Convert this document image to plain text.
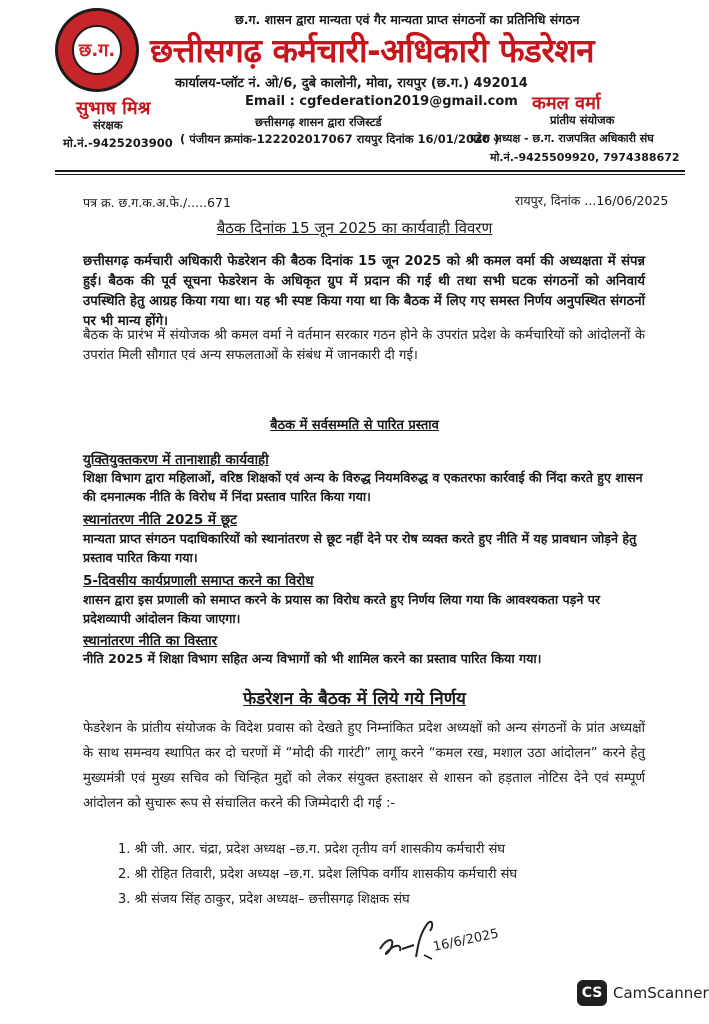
छ.ग.
छ.ग. शासन द्वारा मान्यता एवं गैर मान्यता प्राप्त संगठनों का प्रतिनिधि संगठन
छत्तीसगढ़ कर्मचारी-अधिकारी फेडरेशन
कार्यालय-प्लॉट नं. ओ/6, दुबे कालोनी, मोवा, रायपुर (छ.ग.) 492014
Email : cgfederation2019@gmail.com
छत्तीसगढ़ शासन द्वारा रजिस्टर्ड
( पंजीयन क्रमांक-122202017067 रायपुर दिनांक 16/01/2020 )
सुभाष मिश्र
संरक्षक
मो.नं.-9425203900
कमल वर्मा
प्रांतीय संयोजक
प्रदेश अध्यक्ष - छ.ग. राजपत्रित अधिकारी संघ
मो.नं.-9425509920, 7974388672
पत्र क्र. छ.ग.क.अ.फे./.....671	रायपुर, दिनांक ...16/06/2025
बैठक दिनांक 15 जून 2025 का कार्यवाही विवरण
छत्तीसगढ़ कर्मचारी अधिकारी फेडरेशन की बैठक दिनांक 15 जून 2025 को श्री कमल वर्मा की अध्यक्षता में संपन्न हुई। बैठक की पूर्व सूचना फेडरेशन के अधिकृत ग्रुप में प्रदान की गई थी तथा सभी घटक संगठनों को अनिवार्य उपस्थिति हेतु आग्रह किया गया था। यह भी स्पष्ट किया गया था कि बैठक में लिए गए समस्त निर्णय अनुपस्थित संगठनों पर भी मान्य होंगे।
बैठक के प्रारंभ में संयोजक श्री कमल वर्मा ने वर्तमान सरकार गठन होने के उपरांत प्रदेश के कर्मचारियों को आंदोलनों के उपरांत मिली सौगात एवं अन्य सफलताओं के संबंध में जानकारी दी गई।
बैठक में सर्वसम्मति से पारित प्रस्ताव
युक्तियुक्तकरण में तानाशाही कार्यवाही
शिक्षा विभाग द्वारा महिलाओं, वरिष्ठ शिक्षकों एवं अन्य के विरुद्ध नियमविरुद्ध व एकतरफा कार्रवाई की निंदा करते हुए शासन की दमनात्मक नीति के विरोध में निंदा प्रस्ताव पारित किया गया।
स्थानांतरण नीति 2025 में छूट
मान्यता प्राप्त संगठन पदाधिकारियों को स्थानांतरण से छूट नहीं देने पर रोष व्यक्त करते हुए नीति में यह प्रावधान जोड़ने हेतु प्रस्ताव पारित किया गया।
5-दिवसीय कार्यप्रणाली समाप्त करने का विरोध
शासन द्वारा इस प्रणाली को समाप्त करने के प्रयास का विरोध करते हुए निर्णय लिया गया कि आवश्यकता पड़ने पर प्रदेशव्यापी आंदोलन किया जाएगा।
स्थानांतरण नीति का विस्तार
नीति 2025 में शिक्षा विभाग सहित अन्य विभागों को भी शामिल करने का प्रस्ताव पारित किया गया।
फेडरेशन के बैठक में लिये गये निर्णय
फेडरेशन के प्रांतीय संयोजक के विदेश प्रवास को देखते हुए निम्नांकित प्रदेश अध्यक्षों को अन्य संगठनों के प्रांत अध्यक्षों के साथ समन्वय स्थापित कर दो चरणों में “मोदी की गारंटी” लागू करने “कमल रख, मशाल उठा आंदोलन” करने हेतु मुख्यमंत्री एवं मुख्य सचिव को चिन्हित मुद्दों को लेकर संयुक्त हस्ताक्षर से शासन को हड़ताल नोटिस देने एवं सम्पूर्ण आंदोलन को सुचारू रूप से संचालित करने की जिम्मेदारी दी गई :-
1. श्री जी. आर. चंद्रा, प्रदेश अध्यक्ष –छ.ग. प्रदेश तृतीय वर्ग शासकीय कर्मचारी संघ
2. श्री रोहित तिवारी, प्रदेश अध्यक्ष –छ.ग. प्रदेश लिपिक वर्गीय शासकीय कर्मचारी संघ
3. श्री संजय सिंह ठाकुर, प्रदेश अध्यक्ष– छत्तीसगढ़ शिक्षक संघ
16/6/2025
CS CamScanner
